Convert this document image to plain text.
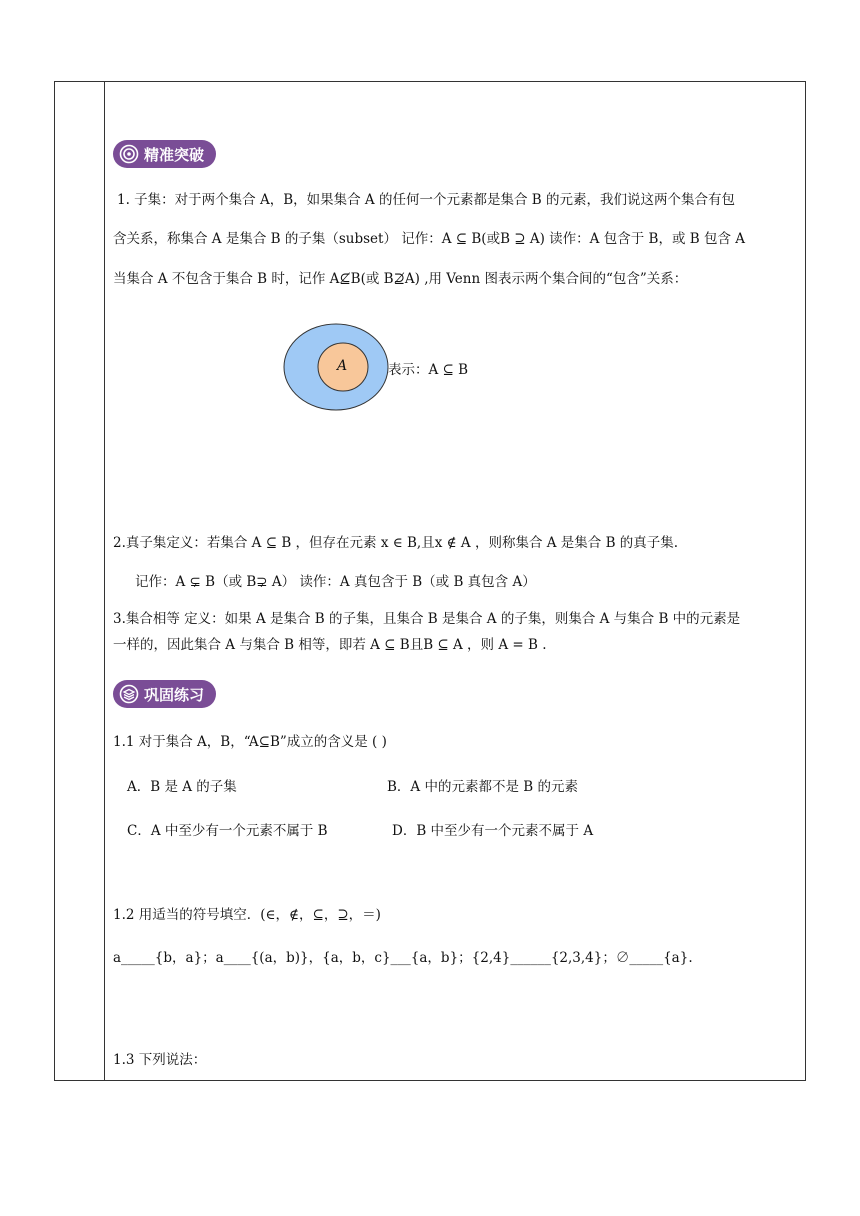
精准突破
1. 子集：对于两个集合 A，B，如果集合 A 的任何一个元素都是集合 B 的元素，我们说这两个集合有包
含关系，称集合 A 是集合 B 的子集（subset） 记作：A ⊆ B(或B ⊇ A) 读作：A 包含于 B，或 B 包含 A
当集合 A 不包含于集合 B 时，记作 A⊈B(或 B⊉A) ,用 Venn 图表示两个集合间的“包含”关系：
A	表示：A ⊆ B
2.真子集定义：若集合 A ⊆ B ，但存在元素 x ∈ B,且x ∉ A ，则称集合 A 是集合 B 的真子集.
记作：A ⊊ B（或 B⊋ A） 读作：A 真包含于 B（或 B 真包含 A）
3.集合相等 定义：如果 A 是集合 B 的子集，且集合 B 是集合 A 的子集，则集合 A 与集合 B 中的元素是
一样的，因此集合 A 与集合 B 相等，即若 A ⊆ B且B ⊆ A ，则 A = B .
巩固练习
1.1 对于集合 A，B，“A⊆B”成立的含义是 ( )
A．B 是 A 的子集	B．A 中的元素都不是 B 的元素
C．A 中至少有一个元素不属于 B	D．B 中至少有一个元素不属于 A
1.2 用适当的符号填空．(∈，∉，⊆，⊇，＝)
a_____{b，a}；a____{(a，b)}，{a，b，c}___{a，b}；{2,4}______{2,3,4}；∅_____{a}.
1.3 下列说法：
